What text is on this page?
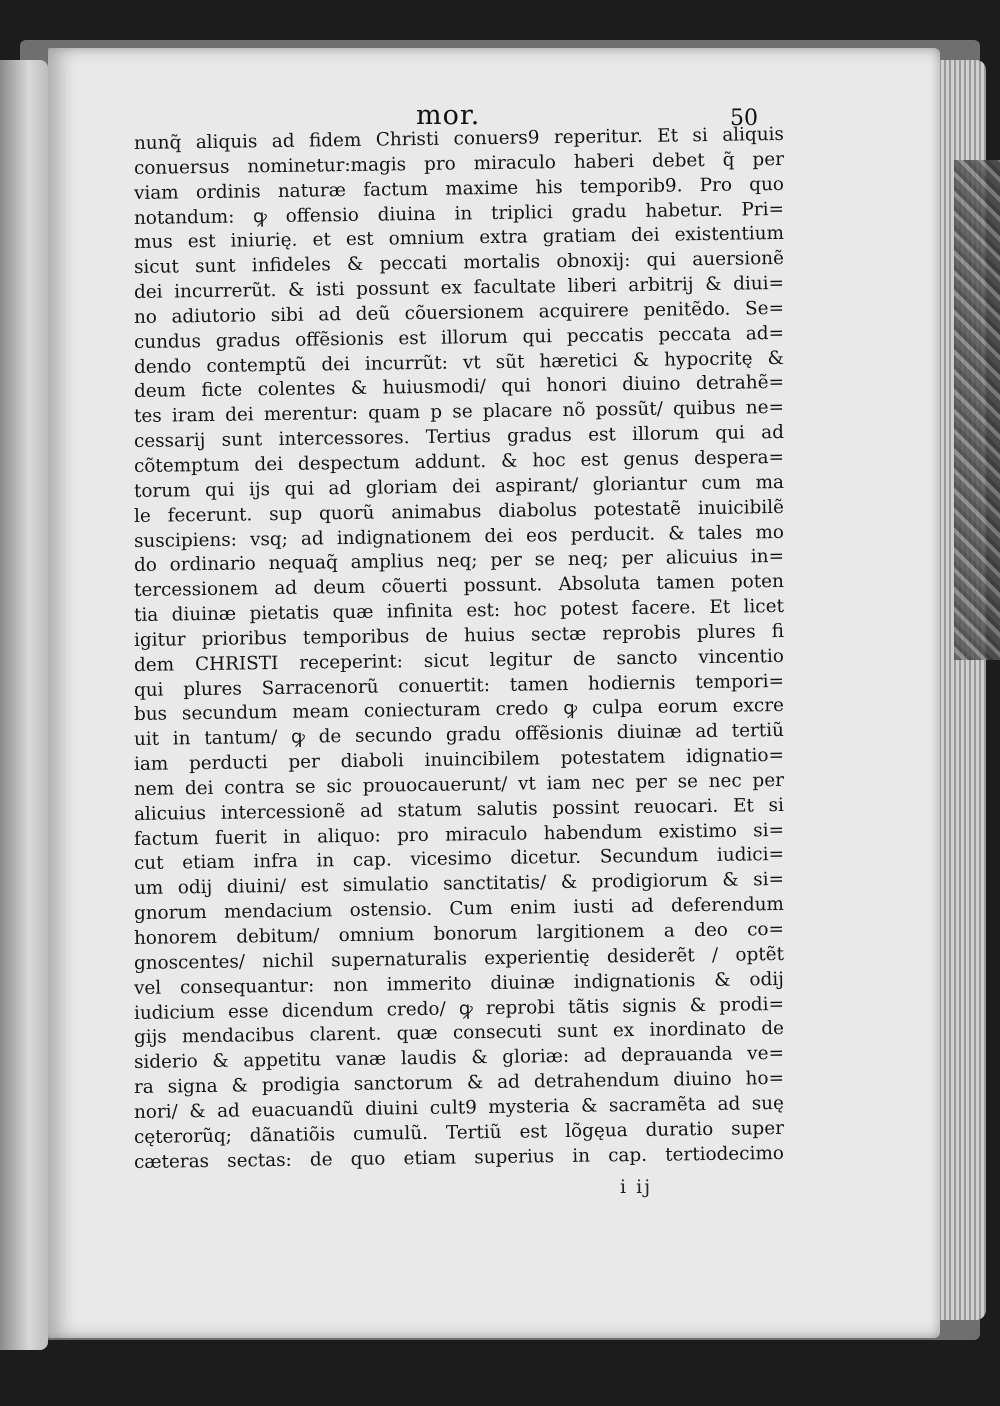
mor.	50
nunq̃ aliquis ad fidem Christi conuers9 reperitur. Et si aliquis
conuersus nominetur:magis pro miraculo haberi debet q̃ per
viam ordinis naturæ factum maxime his temporib9. Pro quo
notandum: ꝙ offensio diuina in triplici gradu habetur. Pri=
mus est iniurię. et est omnium extra gratiam dei existentium
sicut sunt infideles & peccati mortalis obnoxij: qui auersionẽ
dei incurrerũt. & isti possunt ex facultate liberi arbitrij & diui=
no adiutorio sibi ad deũ cõuersionem acquirere penitẽdo. Se=
cundus gradus offẽsionis est illorum qui peccatis peccata ad=
dendo contemptũ dei incurrũt: vt sũt hæretici & hypocritę &
deum ficte colentes & huiusmodi/ qui honori diuino detrahẽ=
tes iram dei merentur: quam p se placare nõ possũt/ quibus ne=
cessarij sunt intercessores. Tertius gradus est illorum qui ad
cõtemptum dei despectum addunt. & hoc est genus despera=
torum qui ijs qui ad gloriam dei aspirant/ gloriantur cum ma
le fecerunt. sup quorũ animabus diabolus potestatẽ inuicibilẽ
suscipiens: vsq; ad indignationem dei eos perducit. & tales mo
do ordinario nequaq̃ amplius neq; per se neq; per alicuius in=
tercessionem ad deum cõuerti possunt. Absoluta tamen poten
tia diuinæ pietatis quæ infinita est: hoc potest facere. Et licet
igitur prioribus temporibus de huius sectæ reprobis plures fi
dem CHRISTI receperint: sicut legitur de sancto vincentio
qui plures Sarracenorũ conuertit: tamen hodiernis tempori=
bus secundum meam coniecturam credo ꝙ culpa eorum excre
uit in tantum/ ꝙ de secundo gradu offẽsionis diuinæ ad tertiũ
iam perducti per diaboli inuincibilem potestatem idignatio=
nem dei contra se sic prouocauerunt/ vt iam nec per se nec per
alicuius intercessionẽ ad statum salutis possint reuocari. Et si
factum fuerit in aliquo: pro miraculo habendum existimo si=
cut etiam infra in cap. vicesimo dicetur. Secundum iudici=
um odij diuini/ est simulatio sanctitatis/ & prodigiorum & si=
gnorum mendacium ostensio. Cum enim iusti ad deferendum
honorem debitum/ omnium bonorum largitionem a deo co=
gnoscentes/ nichil supernaturalis experientię desiderẽt / optẽt
vel consequantur: non immerito diuinæ indignationis & odij
iudicium esse dicendum credo/ ꝙ reprobi tãtis signis & prodi=
gijs mendacibus clarent. quæ consecuti sunt ex inordinato de
siderio & appetitu vanæ laudis & gloriæ: ad deprauanda ve=
ra signa & prodigia sanctorum & ad detrahendum diuino ho=
nori/ & ad euacuandũ diuini cult9 mysteria & sacramẽta ad suę
cęterorũq; dãnatiõis cumulũ. Tertiũ est lõgęua duratio super
cæteras sectas: de quo etiam superius in cap. tertiodecimo
i ij
